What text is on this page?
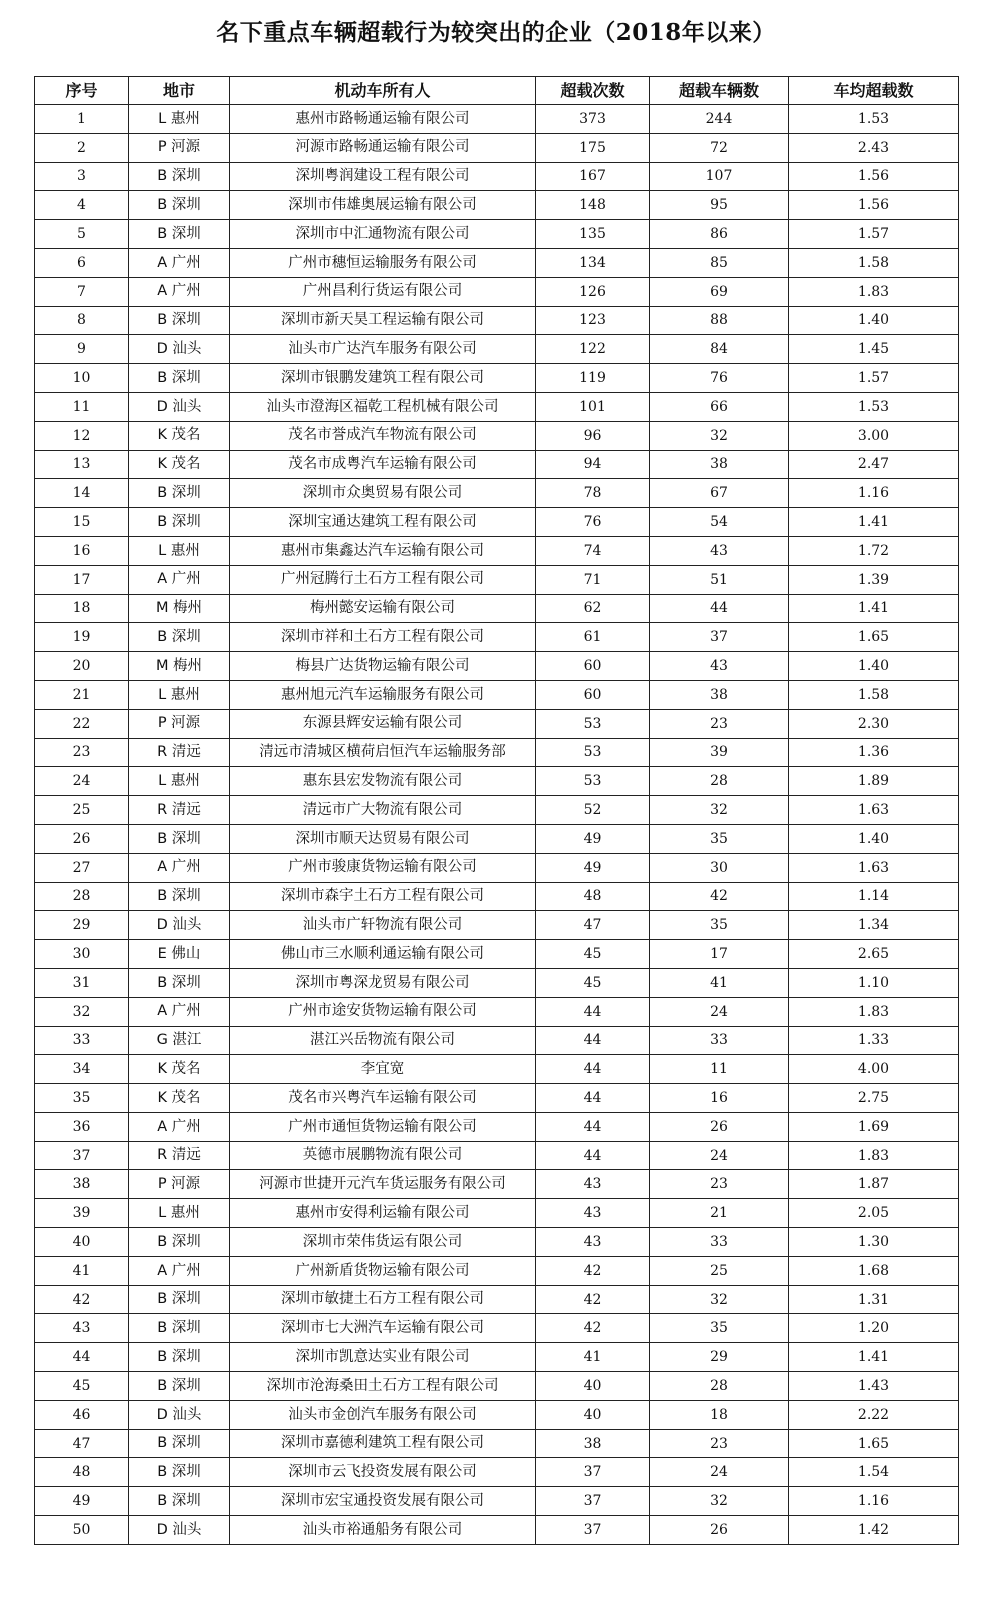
名下重点车辆超载行为较突出的企业（2018年以来）
序号	地市	机动车所有人	超载次数	超载车辆数	车均超载数
1	L 惠州	惠州市路畅通运输有限公司	373	244	1.53
2	P 河源	河源市路畅通运输有限公司	175	72	2.43
3	B 深圳	深圳粤润建设工程有限公司	167	107	1.56
4	B 深圳	深圳市伟雄奥展运输有限公司	148	95	1.56
5	B 深圳	深圳市中汇通物流有限公司	135	86	1.57
6	A 广州	广州市穗恒运输服务有限公司	134	85	1.58
7	A 广州	广州昌利行货运有限公司	126	69	1.83
8	B 深圳	深圳市新天昊工程运输有限公司	123	88	1.40
9	D 汕头	汕头市广达汽车服务有限公司	122	84	1.45
10	B 深圳	深圳市银鹏发建筑工程有限公司	119	76	1.57
11	D 汕头	汕头市澄海区福乾工程机械有限公司	101	66	1.53
12	K 茂名	茂名市誉成汽车物流有限公司	96	32	3.00
13	K 茂名	茂名市成粤汽车运输有限公司	94	38	2.47
14	B 深圳	深圳市众奥贸易有限公司	78	67	1.16
15	B 深圳	深圳宝通达建筑工程有限公司	76	54	1.41
16	L 惠州	惠州市集鑫达汽车运输有限公司	74	43	1.72
17	A 广州	广州冠腾行土石方工程有限公司	71	51	1.39
18	M 梅州	梅州懿安运输有限公司	62	44	1.41
19	B 深圳	深圳市祥和土石方工程有限公司	61	37	1.65
20	M 梅州	梅县广达货物运输有限公司	60	43	1.40
21	L 惠州	惠州旭元汽车运输服务有限公司	60	38	1.58
22	P 河源	东源县辉安运输有限公司	53	23	2.30
23	R 清远	清远市清城区横荷启恒汽车运输服务部	53	39	1.36
24	L 惠州	惠东县宏发物流有限公司	53	28	1.89
25	R 清远	清远市广大物流有限公司	52	32	1.63
26	B 深圳	深圳市顺天达贸易有限公司	49	35	1.40
27	A 广州	广州市骏康货物运输有限公司	49	30	1.63
28	B 深圳	深圳市森宇土石方工程有限公司	48	42	1.14
29	D 汕头	汕头市广轩物流有限公司	47	35	1.34
30	E 佛山	佛山市三水顺利通运输有限公司	45	17	2.65
31	B 深圳	深圳市粤深龙贸易有限公司	45	41	1.10
32	A 广州	广州市途安货物运输有限公司	44	24	1.83
33	G 湛江	湛江兴岳物流有限公司	44	33	1.33
34	K 茂名	李宜宽	44	11	4.00
35	K 茂名	茂名市兴粤汽车运输有限公司	44	16	2.75
36	A 广州	广州市通恒货物运输有限公司	44	26	1.69
37	R 清远	英德市展鹏物流有限公司	44	24	1.83
38	P 河源	河源市世捷开元汽车货运服务有限公司	43	23	1.87
39	L 惠州	惠州市安得利运输有限公司	43	21	2.05
40	B 深圳	深圳市荣伟货运有限公司	43	33	1.30
41	A 广州	广州新盾货物运输有限公司	42	25	1.68
42	B 深圳	深圳市敏捷土石方工程有限公司	42	32	1.31
43	B 深圳	深圳市七大洲汽车运输有限公司	42	35	1.20
44	B 深圳	深圳市凯意达实业有限公司	41	29	1.41
45	B 深圳	深圳市沧海桑田土石方工程有限公司	40	28	1.43
46	D 汕头	汕头市金创汽车服务有限公司	40	18	2.22
47	B 深圳	深圳市嘉德利建筑工程有限公司	38	23	1.65
48	B 深圳	深圳市云飞投资发展有限公司	37	24	1.54
49	B 深圳	深圳市宏宝通投资发展有限公司	37	32	1.16
50	D 汕头	汕头市裕通船务有限公司	37	26	1.42
